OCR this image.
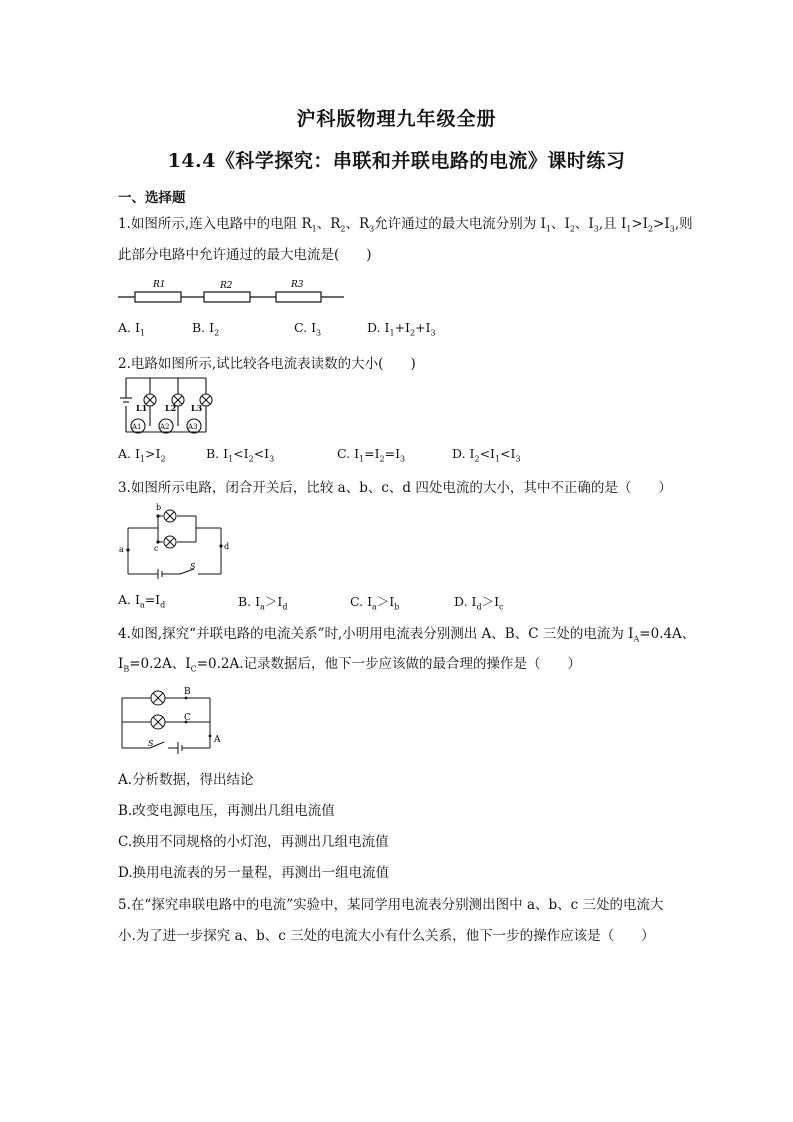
沪科版物理九年级全册
14.4《科学探究：串联和并联电路的电流》课时练习
一、选择题
1.如图所示,连入电路中的电阻 $R_1$、$R_2$、$R_3$允许通过的最大电流分别为 $I_1$、$I_2$、$I_3$,且 $I_1>I_2>I_3$,则
此部分电路中允许通过的最大电流是(　　)
R1	R2	R3
A. $I_1$	B. $I_2$	C. $I_3$	D. $I_1+I_2+I_3$
2.电路如图所示,试比较各电流表读数的大小(　　)
L1 L2 L3
A1	A2	A3
A. $I_1>I_2$	B. $I_1<I_2<I_3$	C. $I_1=I_2=I_3$	D. $I_2<I_1<I_3$
3.如图所示电路，闭合开关后，比较 a、b、c、d 四处电流的大小，其中不正确的是（　　）
a
b
c	d
S
A. $I_a=I_d$	B. $I_a>I_d$	C. $I_a>I_b$	D. $I_d>I_c$
4.如图,探究“并联电路的电流关系”时,小明用电流表分别测出 A、B、C 三处的电流为 $I_A=0.4A$、
$I_B=0.2A$、$I_C=0.2A$.记录数据后，他下一步应该做的最合理的操作是（　　）
B
C
A
S
A.分析数据，得出结论
B.改变电源电压，再测出几组电流值
C.换用不同规格的小灯泡，再测出几组电流值
D.换用电流表的另一量程，再测出一组电流值
5.在“探究串联电路中的电流”实验中，某同学用电流表分别测出图中 a、b、c 三处的电流大
小.为了进一步探究 a、b、c 三处的电流大小有什么关系，他下一步的操作应该是（　　）
